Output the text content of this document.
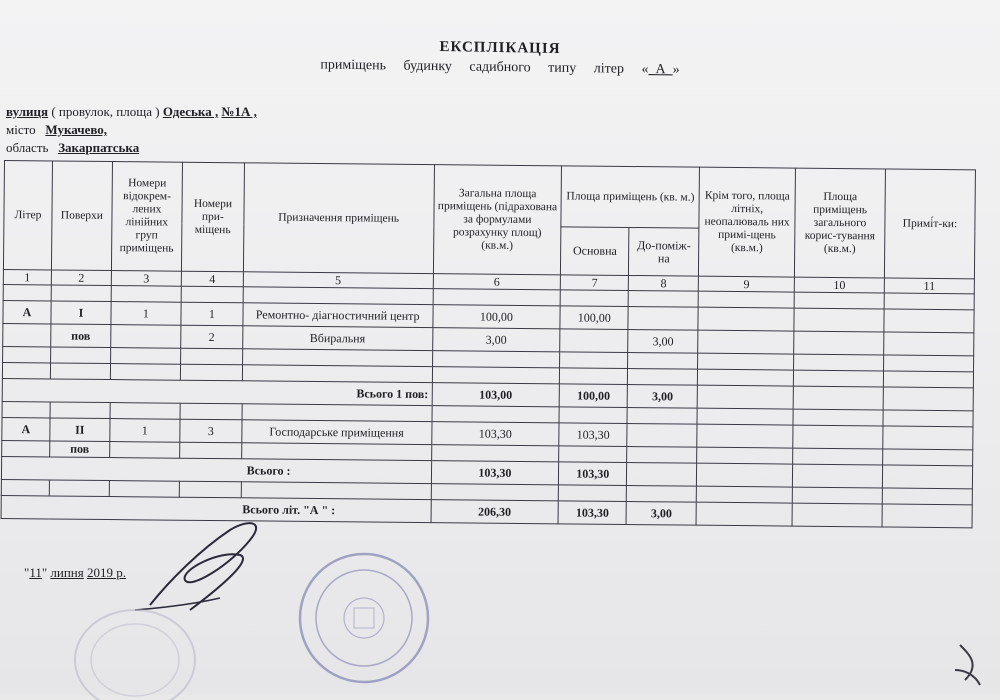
ЕКСПЛІКАЦІЯ
приміщень будинку садибного типу літер «_А_»
вулиця ( провулок, площа ) Одеська , №1А ,
місто Мукачево,
область Закарпатська
Літер	Поверхи	Номери відокрем-лених лінійних груп приміщень	Номери при-міщень	Призначення приміщень	Загальна площа приміщень (підрахована за формулами розрахунку площ) (кв.м.)	Площа приміщень (кв. м.)		Крім того, площа літніх, неопалюваль них примі-щень (кв.м.)	Площа приміщень загального корис-тування (кв.м.)	Примі́т-ки:
						Основна	До-поміж-на			
1	2	3	4	5	6	7	8	9	10	11

А	І	1	1	Ремонтно- діагностичний центр	100,00	100,00				
	пов		2	Вбиральня	3,00		3,00			

Всього 1 пов:					103,00	100,00	3,00			

А	ІІ	1	3	Господарське приміщення	103,30	103,30				
	пов									
Всього :					103,30	103,30				

Всього літ. "А " :					206,30	103,30	3,00			
"11" липня 2019 р.
